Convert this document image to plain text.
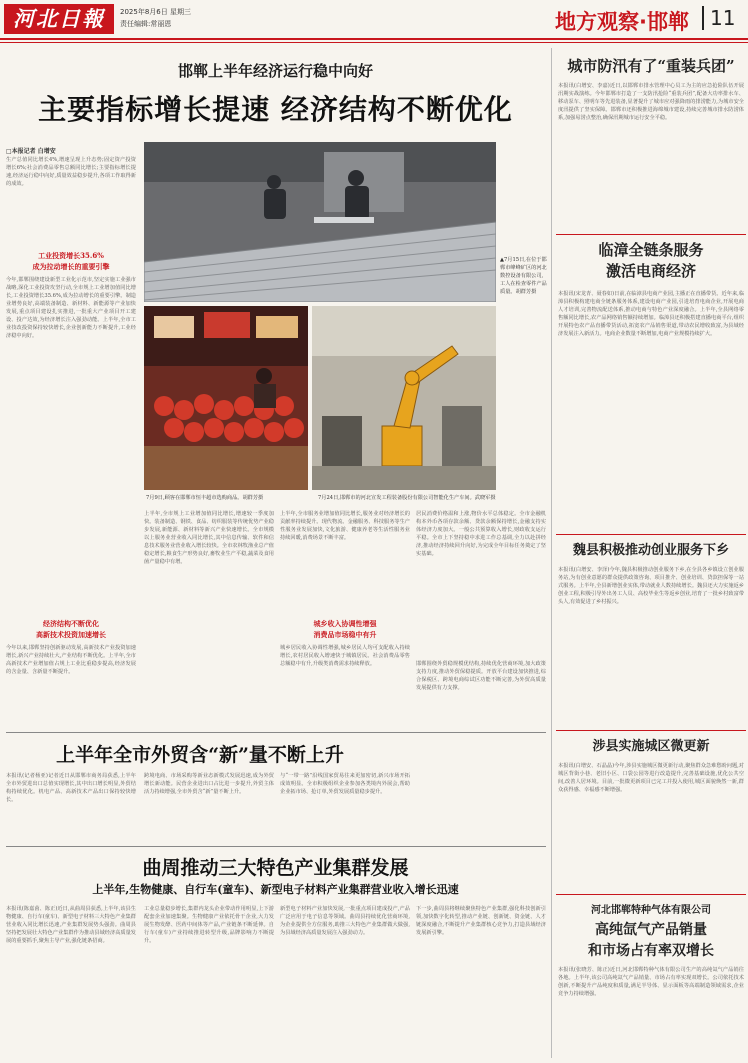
河北日報	2025年8月6日 星期三
责任编辑:常丽恩	地方观察·邯郸	11
邯郸上半年经济运行稳中向好
主要指标增长提速 经济结构不断优化
□本报记者 白增安
生产总值同比增长4%,增速呈现上升态势;固定资产投资增长6%;社会消费品零售总额同比增长;主要指标增长提速,经济运行稳中向好,质量效益稳步提升,各项工作取得新的成效。
工业投资增长35.6%
成为拉动增长的重要引擎
今年,邯郸围绕建设新型工业化示范市,坚定实施工业强市战略,深化工业投资攻坚行动,全市规上工业增加值同比增长,工业投资增长35.6%,成为拉动增长的重要引擎。制造业增势良好,高端装备制造、新材料、新能源等产业加快发展,重点项目建设扎实推进,一批重大产业项目开工建设、投产达效,为经济增长注入强劲动能。上半年,全市工业技改投资保持较快增长,企业创新能力不断提升,工业经济稳中向好。
经济结构不断优化
高新技术投资加速增长
今年以来,邯郸坚持创新驱动发展,高新技术产业投资加速增长,新兴产业持续壮大,产业结构不断优化。上半年,全市高新技术产业增加值占规上工业比重稳步提高,经济发展的含金量、含新量不断提升。
▲7月15日,在位于邯郸市峰峰矿区的河北数控设备有限公司,工人在检查零件产品质量。胡群芳摄
7月9日,顾客在邯郸市恒丰超市选购商品。胡群芳摄	7月24日,邯郸市的河北宣发工程装备股份有限公司智能化生产车间。武晓军摄
上半年,全市规上工业增加值同比增长,增速较一季度加快。装备制造、钢铁、食品、纺织服装等传统优势产业稳步发展,新能源、新材料等新兴产业快速增长。全市规模以上服务业营业收入同比增长,其中信息传输、软件和信息技术服务业营业收入增长较快。全市农林牧渔业总产值稳定增长,粮食生产形势良好,畜牧业生产平稳,蔬菜及食用菌产量稳中有增。
上半年,全市服务业增加值同比增长,服务业对经济增长的贡献率持续提升。现代物流、金融服务、科技服务等生产性服务业发展加快,文化旅游、健康养老等生活性服务业持续回暖,消费场景不断丰富。
城乡收入协调性增强
消费品市场稳中有升
城乡居民收入协调性增强,城乡居民人均可支配收入持续增长,农村居民收入增速快于城镇居民。社会消费品零售总额稳中有升,升级类消费需求持续释放。
居民消费价格温和上涨,物价水平总体稳定。全市金融机构本外币各项存款余额、贷款余额保持增长,金融支持实体经济力度加大。一般公共预算收入增长,财政收支运行平稳。全市上下坚持稳中求进工作总基调,全力以赴拼经济,推动经济持续回升向好,为完成全年目标任务奠定了坚实基础。
上半年全市外贸含“新”量不断上升
本报讯(记者杨亚)记者近日从邯郸市商务局获悉,上半年全市外贸进出口总值实现增长,其中出口增长明显,外贸结构持续优化。机电产品、高新技术产品出口保持较快增长。
跨境电商、市场采购等新业态新模式发展迅速,成为外贸增长新动能。民营企业进出口占比进一步提升,外贸主体活力持续增强,全市外贸含“新”量不断上升。
与“一带一路”沿线国家贸易往来更加密切,新兴市场开拓成效明显。全市积极组织企业参加各类境内外展会,帮助企业拓市场、抢订单,外贸发展质量稳步提升。
邯郸围绕外贸稳规模优结构,持续优化营商环境,加大政策支持力度,推动外贸保稳提质。开放平台建设加快推进,综合保税区、跨境电商综试区功能不断完善,为外贸高质量发展提供有力支撑。
曲周推动三大特色产业集群发展
上半年,生物健康、自行车(童车)、新型电子材料产业集群营业收入增长迅速
本报讯(陈嘉茵、陈正)近日,从曲周县获悉,上半年,该县生物健康、自行车(童车)、新型电子材料三大特色产业集群营业收入同比增长迅速,产业集群发展势头强劲。曲周县坚持把发展壮大特色产业集群作为推动县域经济高质量发展的重要抓手,聚焦主导产业,强化链条招商。
工业总量稳步增长,集群内龙头企业带动作用明显,上下游配套企业加速集聚。生物健康产业依托骨干企业,大力发展生物发酵、医药中间体等产品,产业链条不断延伸。自行车(童车)产业持续推进转型升级,品牌影响力不断提升。
新型电子材料产业加快发展,一批重点项目建成投产,产品广泛应用于电子信息等领域。曲周县持续优化营商环境,为企业提供全方位服务,助推三大特色产业集群做大做强,为县域经济高质量发展注入强劲动力。
下一步,曲周县将继续聚焦特色产业集群,强化科技创新引领,加快数字化转型,推动产业链、创新链、资金链、人才链深度融合,不断提升产业集群核心竞争力,打造县域经济发展新引擎。
城市防汛有了“重装兵团”
本报讯(白增安、李嘉)近日,以邯郸市排水管理中心员工为主的应急抢险队伍开展汛期实战演练。今年邯郸市打造了一支防汛抢险“重装兵团”,配备大功率排水车、移动泵车、照明车等先进装备,显著提升了城市应对强降雨的排涝能力,为城市安全度汛提供了坚实保障。邯郸市还积极推进海绵城市建设,持续完善城市排水防涝体系,加强易涝点整治,确保汛期城市运行安全平稳。
临漳全链条服务
激活电商经济
本报讯(宋龙青、聂春如)日前,在临漳县电商产业园,主播正在直播带货。近年来,临漳县积极构建电商全链条服务体系,建设电商产业园,引进培育电商企业,开展电商人才培训,完善物流配送体系,推动电商与特色产业深度融合。上半年,全县网络零售额同比增长,农产品网络销售额持续增加。临漳县还积极搭建直播电商平台,组织开展特色农产品直播带货活动,拓宽农产品销售渠道,带动农民增收致富,为县域经济发展注入新活力。电商企业数量不断增加,电商产业规模持续扩大。
魏县积极推动创业服务下乡
本报讯(白增安、李泽)今年,魏县积极推动创业服务下乡,在全县各乡镇设立创业服务站,为有创业意愿的群众提供政策咨询、项目推介、创业培训、贷款担保等一站式服务。上半年,全县新增创业实体,带动就业人数持续增长。魏县还大力实施返乡创业工程,积极引导外出务工人员、高校毕业生等返乡创业,培育了一批乡村致富带头人,有效促进了乡村振兴。
涉县实施城区微更新
本报讯(白增安、石晶晶)今年,涉县实施城区微更新行动,聚焦群众急难愁盼问题,对城区背街小巷、老旧小区、口袋公园等进行改造提升,完善基础设施,优化公共空间,改善人居环境。目前,一批微更新项目已完工并投入使用,城区面貌焕然一新,群众获得感、幸福感不断增强。
河北邯郸特种气体有限公司
高纯氙气产品销量
和市场占有率双增长
本报讯(张晓芳、陈正)近日,河北邯郸特种气体有限公司生产的高纯氙气产品销往各地。上半年,该公司高纯氙气产品销量、市场占有率实现双增长。公司依托技术创新,不断提升产品纯度和质量,满足半导体、显示面板等高端制造领域需求,企业竞争力持续增强。
